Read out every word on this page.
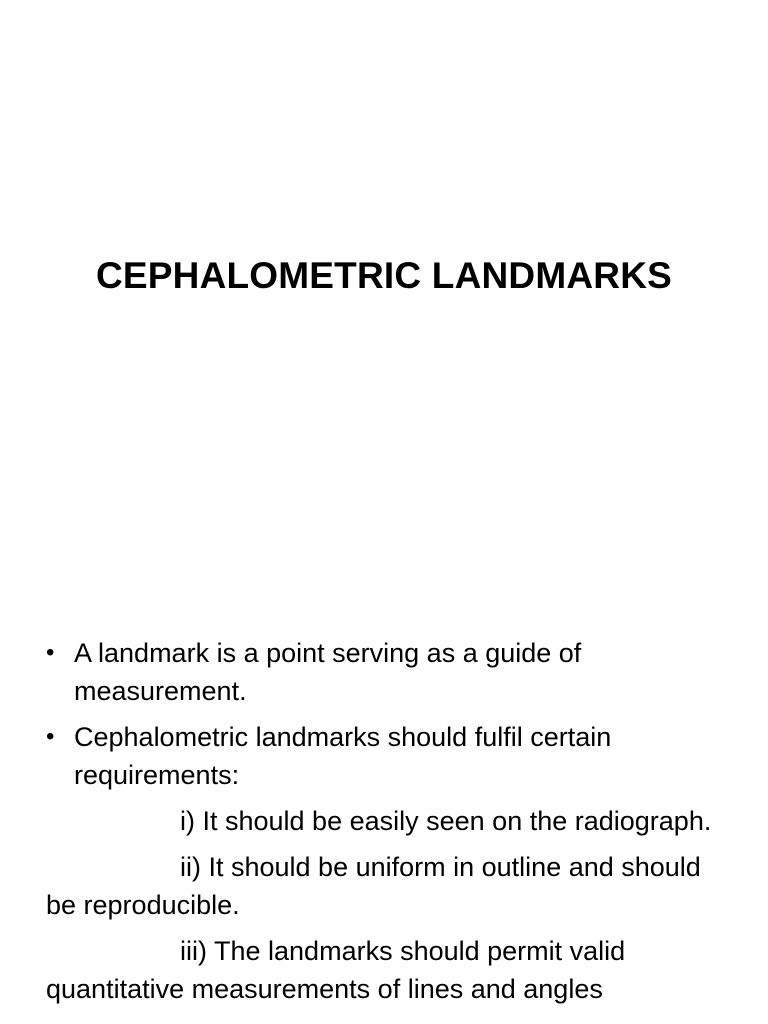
CEPHALOMETRIC LANDMARKS
• A landmark is a point serving as a guide of measurement.
• Cephalometric landmarks should fulfil certain requirements:
i) It should be easily seen on the radiograph.
ii) It should be uniform in outline and should be reproducible.
iii) The landmarks should permit valid quantitative measurements of lines and angles
